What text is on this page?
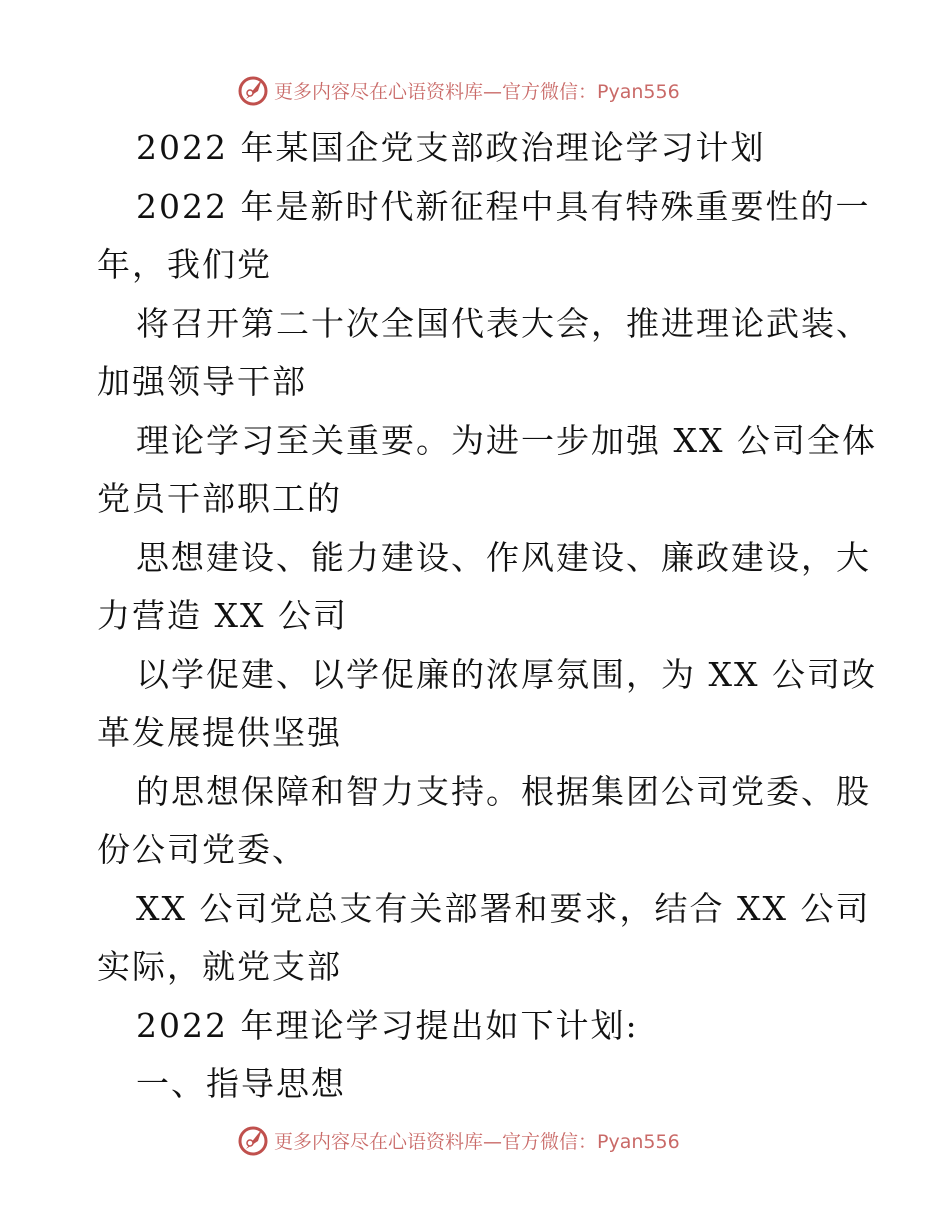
更多内容尽在心语资料库—官方微信：Pyan556
2022 年某国企党支部政治理论学习计划
2022 年是新时代新征程中具有特殊重要性的一
年，我们党
将召开第二十次全国代表大会，推进理论武装、
加强领导干部
理论学习至关重要。为进一步加强 XX 公司全体
党员干部职工的
思想建设、能力建设、作风建设、廉政建设，大
力营造 XX 公司
以学促建、以学促廉的浓厚氛围，为 XX 公司改
革发展提供坚强
的思想保障和智力支持。根据集团公司党委、股
份公司党委、
XX 公司党总支有关部署和要求，结合 XX 公司
实际，就党支部
2022 年理论学习提出如下计划:
一、指导思想
更多内容尽在心语资料库—官方微信：Pyan556
